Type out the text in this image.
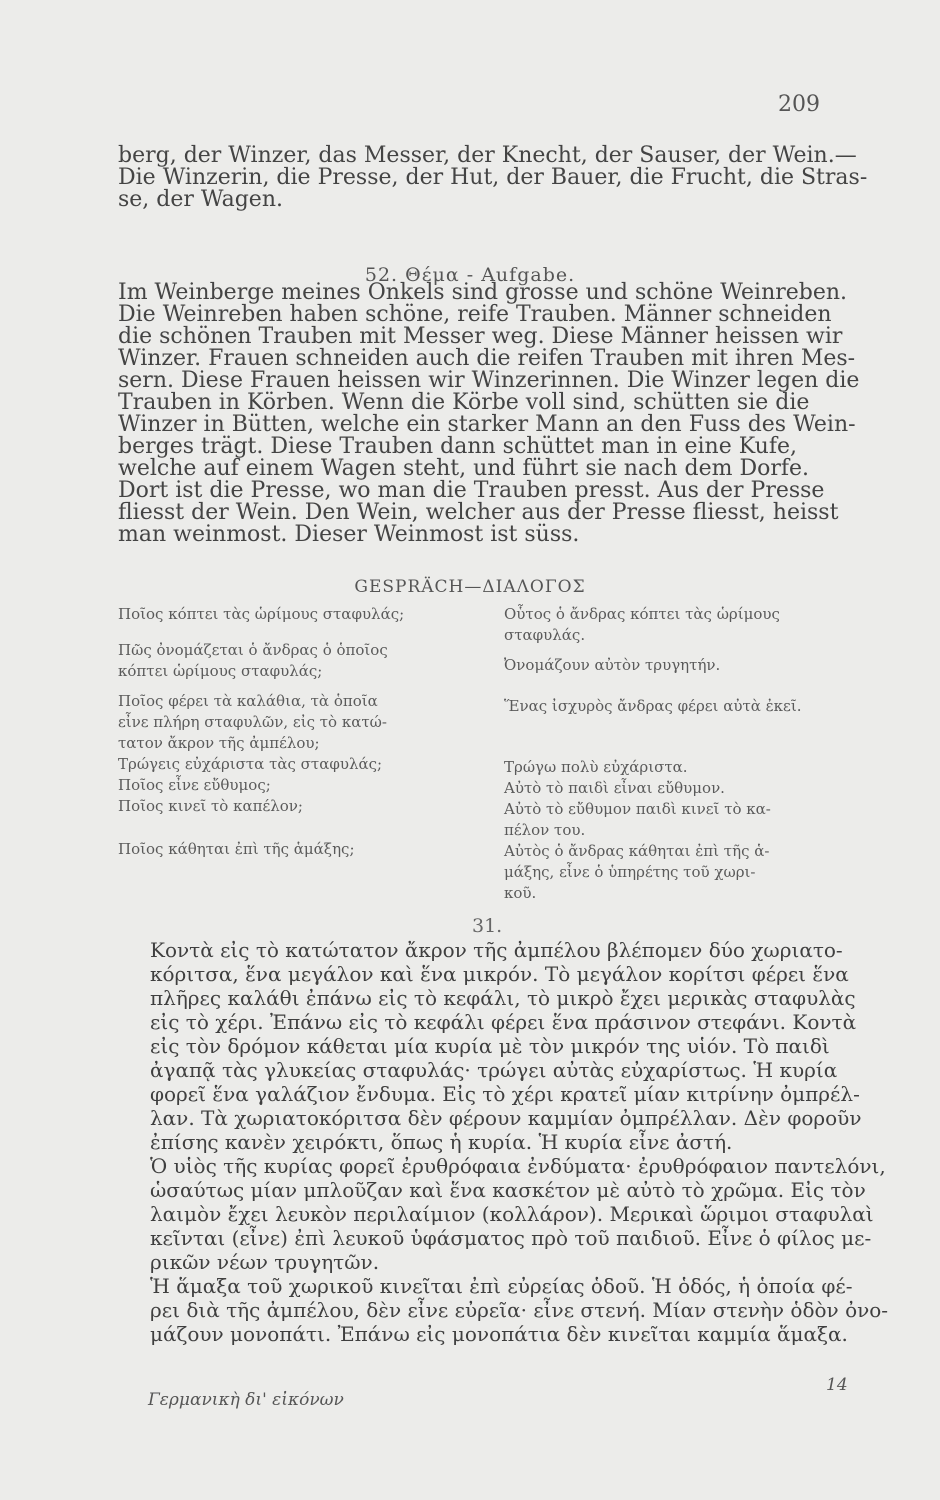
209
berg, der Winzer, das Messer, der Knecht, der Sauser, der Wein.—
Die Winzerin, die Presse, der Hut, der Bauer, die Frucht, die Stras-
se, der Wagen.
52. Θέμα - Aufgabe.
Im Weinberge meines Onkels sind grosse und schöne Weinreben.
Die Weinreben haben schöne, reife Trauben. Männer schneiden
die schönen Trauben mit Messer weg. Diese Männer heissen wir
Winzer. Frauen schneiden auch die reifen Trauben mit ihren Mes-
sern. Diese Frauen heissen wir Winzerinnen. Die Winzer legen die
Trauben in Körben. Wenn die Körbe voll sind, schütten sie die
Winzer in Bütten, welche ein starker Mann an den Fuss des Wein-
berges trägt. Diese Trauben dann schüttet man in eine Kufe,
welche auf einem Wagen steht, und führt sie nach dem Dorfe.
Dort ist die Presse, wo man die Trauben presst. Aus der Presse
fliesst der Wein. Den Wein, welcher aus der Presse fliesst, heisst
man weinmost. Dieser Weinmost ist süss.
GESPRÄCH—ΔΙΑΛΟΓΟΣ
Ποῖος κόπτει τὰς ὡρίμους σταφυλάς;
Πῶς ὀνομάζεται ὁ ἄνδρας ὁ ὁποῖος
κόπτει ὡρίμους σταφυλάς;
Ποῖος φέρει τὰ καλάθια, τὰ ὁποῖα
εἶνε πλήρη σταφυλῶν, εἰς τὸ κατώ-
τατον ἄκρον τῆς ἀμπέλου;
Τρώγεις εὐχάριστα τὰς σταφυλάς;
Ποῖος εἶνε εὔθυμος;
Ποῖος κινεῖ τὸ καπέλον;
Ποῖος κάθηται ἐπὶ τῆς ἁμάξης;
Οὗτος ὁ ἄνδρας κόπτει τὰς ὡρίμους
σταφυλάς.
Ὀνομάζουν αὐτὸν τρυγητήν.
Ἕνας ἰσχυρὸς ἄνδρας φέρει αὐτὰ ἐκεῖ.
Τρώγω πολὺ εὐχάριστα.
Αὐτὸ τὸ παιδὶ εἶναι εὔθυμον.
Αὐτὸ τὸ εὔθυμον παιδὶ κινεῖ τὸ κα-
πέλον του.
Αὐτὸς ὁ ἄνδρας κάθηται ἐπὶ τῆς ἁ-
μάξης, εἶνε ὁ ὑπηρέτης τοῦ χωρι-
κοῦ.
31.
Κοντὰ εἰς τὸ κατώτατον ἄκρον τῆς ἀμπέλου βλέπομεν δύο χωριατο-
κόριτσα, ἕνα μεγάλον καὶ ἕνα μικρόν. Τὸ μεγάλον κορίτσι φέρει ἕνα
πλῆρες καλάθι ἐπάνω εἰς τὸ κεφάλι, τὸ μικρὸ ἔχει μερικὰς σταφυλὰς
εἰς τὸ χέρι. Ἐπάνω εἰς τὸ κεφάλι φέρει ἕνα πράσινον στεφάνι. Κοντὰ
εἰς τὸν δρόμον κάθεται μία κυρία μὲ τὸν μικρόν της υἱόν. Τὸ παιδὶ
ἀγαπᾷ τὰς γλυκείας σταφυλάς· τρώγει αὐτὰς εὐχαρίστως. Ἡ κυρία
φορεῖ ἕνα γαλάζιον ἔνδυμα. Εἰς τὸ χέρι κρατεῖ μίαν κιτρίνην ὀμπρέλ-
λαν. Τὰ χωριατοκόριτσα δὲν φέρουν καμμίαν ὀμπρέλλαν. Δὲν φοροῦν
ἐπίσης κανὲν χειρόκτι, ὅπως ἡ κυρία. Ἡ κυρία εἶνε ἀστή.
Ὁ υἱὸς τῆς κυρίας φορεῖ ἐρυθρόφαια ἐνδύματα· ἐρυθρόφαιον παντελόνι,
ὡσαύτως μίαν μπλοῦζαν καὶ ἕνα κασκέτον μὲ αὐτὸ τὸ χρῶμα. Εἰς τὸν
λαιμὸν ἔχει λευκὸν περιλαίμιον (κολλάρον). Μερικαὶ ὥριμοι σταφυλαὶ
κεῖνται (εἶνε) ἐπὶ λευκοῦ ὑφάσματος πρὸ τοῦ παιδιοῦ. Εἶνε ὁ φίλος με-
ρικῶν νέων τρυγητῶν.
Ἡ ἅμαξα τοῦ χωρικοῦ κινεῖται ἐπὶ εὐρείας ὁδοῦ. Ἡ ὁδός, ἡ ὁποία φέ-
ρει διὰ τῆς ἀμπέλου, δὲν εἶνε εὐρεῖα· εἶνε στενή. Μίαν στενὴν ὁδὸν ὀνο-
μάζουν μονοπάτι. Ἐπάνω εἰς μονοπάτια δὲν κινεῖται καμμία ἅμαξα.
Γερμανικὴ δι' εἰκόνων
14
